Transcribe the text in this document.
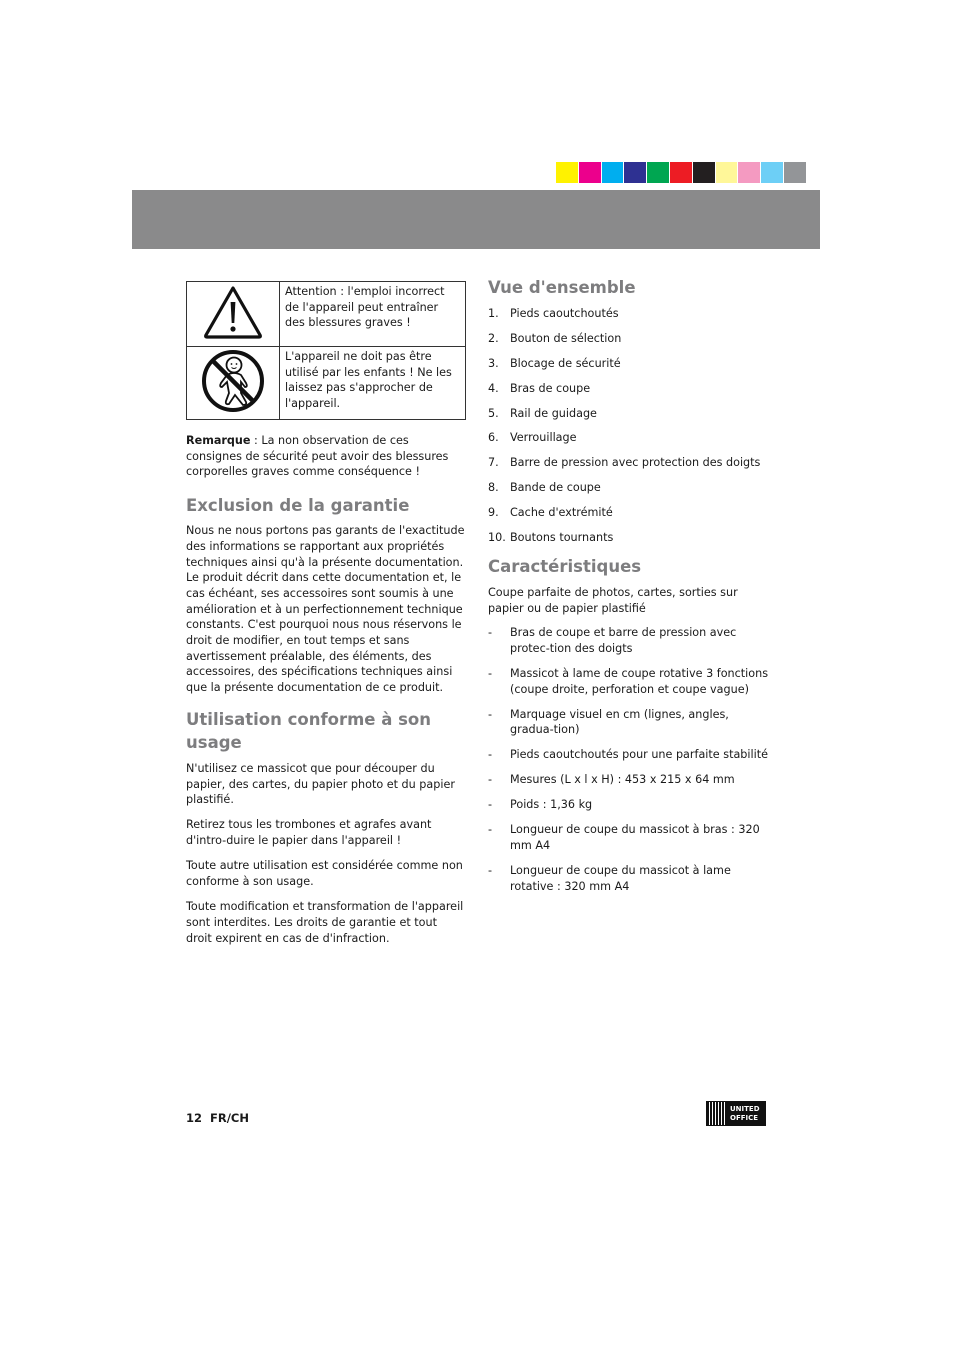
	Attention : l'emploi incorrect de l'appareil peut entraîner des blessures graves !
	L'appareil ne doit pas être utilisé par les enfants ! Ne les laissez pas s'approcher de l'appareil.

Remarque : La non observation de ces consignes de sécurité peut avoir des blessures corporelles graves comme conséquence !

Exclusion de la garantie

Nous ne nous portons pas garants de l'exactitude des informations se rapportant aux propriétés techniques ainsi qu'à la présente documentation. Le produit décrit dans cette documentation et, le cas échéant, ses accessoires sont soumis à une amélioration et à un perfectionnement technique constants. C'est pourquoi nous nous réservons le droit de modifier, en tout temps et sans avertissement préalable, des éléments, des accessoires, des spécifications techniques ainsi que la présente documentation de ce produit.

Utilisation conforme à son usage

N'utilisez ce massicot que pour découper du papier, des cartes, du papier photo et du papier plastifié.

Retirez tous les trombones et agrafes avant d'intro-duire le papier dans l'appareil !

Toute autre utilisation est considérée comme non conforme à son usage.

Toute modification et transformation de l'appareil sont interdites. Les droits de garantie et tout droit expirent en cas de d'infraction.

Vue d'ensemble
1.	Pieds caoutchoutés
2.	Bouton de sélection
3.	Blocage de sécurité
4.	Bras de coupe
5.	Rail de guidage
6.	Verrouillage
7.	Barre de pression avec protection des doigts
8.	Bande de coupe
9.	Cache d'extrémité
10. Boutons tournants
Caractéristiques

Coupe parfaite de photos, cartes, sorties sur papier ou de papier plastifié

-	Bras de coupe et barre de pression avec protec-tion des doigts
-	Massicot à lame de coupe rotative 3 fonctions (coupe droite, perforation et coupe vague)
-	Marquage visuel en cm (lignes, angles, gradua-tion)
-	Pieds caoutchoutés pour une parfaite stabilité
-	Mesures (L x l x H) : 453 x 215 x 64 mm
-	Poids : 1,36 kg
-	Longueur de coupe du massicot à bras : 320 mm A4
-	Longueur de coupe du massicot à lame rotative : 320 mm A4
12 FR/CH
UNITED
OFFICE
